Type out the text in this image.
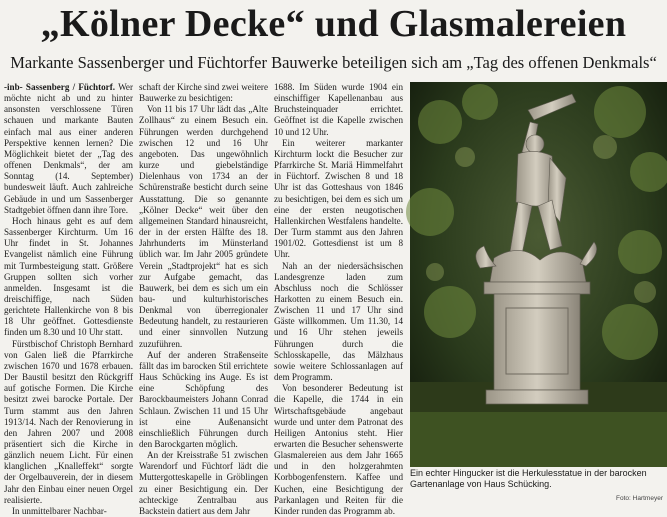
„Kölner Decke“ und Glasmalereien
Markante Sassenberger und Füchtorfer Bauwerke beteiligen sich am „Tag des offenen Denkmals“

-inb- Sassenberg / Füchtorf. Wer möchte nicht ab und zu hinter ansonsten verschlossene Türen schauen und markante Bauten einfach mal aus einer anderen Perspektive kennen lernen? Die Möglichkeit bietet der „Tag des offenen Denkmals“, der am Sonntag (14. September) bundesweit läuft. Auch zahlreiche Gebäude in und um Sassenberger Stadtgebiet öffnen dann ihre Tore.

Hoch hinaus geht es auf dem Sassenberger Kirchturm. Um 16 Uhr findet in St. Johannes Evangelist nämlich eine Führung mit Turmbesteigung statt. Größere Gruppen sollten sich vorher anmelden. Insgesamt ist die dreischiffige, nach Süden gerichtete Hallenkirche von 8 bis 18 Uhr geöffnet. Gottesdienste finden um 8.30 und 10 Uhr statt.

Fürstbischof Christoph Bernhard von Galen ließ die Pfarrkirche zwischen 1670 und 1678 erbauen. Der Baustil besitzt den Rückgriff auf gotische Formen. Die Kirche besitzt zwei barocke Portale. Der Turm stammt aus den Jahren 1913/14. Nach der Renovierung in den Jahren 2007 und 2008 präsentiert sich die Kirche in gänzlich neuem Licht. Für einen klanglichen „Knalleffekt“ sorgte der Orgelbauverein, der in diesem Jahr den Einbau einer neuen Orgel realisierte.

In unmittelbarer Nachbar-

schaft der Kirche sind zwei weitere Bauwerke zu besichtigen:

Von 11 bis 17 Uhr lädt das „Alte Zollhaus“ zu einem Besuch ein. Führungen werden durchgehend zwischen 12 und 16 Uhr angeboten. Das ungewöhnlich kurze und giebelständige Dielenhaus von 1734 an der Schürenstraße besticht durch seine Ausstattung. Die so genannte „Kölner Decke“ weit über den allgemeinen Standard hinausreicht, der in der ersten Hälfte des 18. Jahrhunderts im Münsterland üblich war. Im Jahr 2005 gründete Verein „Stadtprojekt“ hat es sich zur Aufgabe gemacht, das Bauwerk, bei dem es sich um ein bau- und kulturhistorisches Denkmal von überregionaler Bedeutung handelt, zu restaurieren und einer sinnvollen Nutzung zuzuführen.

Auf der anderen Straßenseite fällt das im barocken Stil errichtete Haus Schücking ins Auge. Es ist eine Schöpfung des Barockbaumeisters Johann Conrad Schlaun. Zwischen 11 und 15 Uhr ist eine Außenansicht einschließlich Führungen durch den Barockgarten möglich.

An der Kreisstraße 51 zwischen Warendorf und Füchtorf lädt die Muttergotteskapelle in Gröblingen zu einer Besichtigung ein. Der achteckige Zentralbau aus Backstein datiert aus dem Jahr

1688. Im Süden wurde 1904 ein einschiffiger Kapellenanbau aus Bruchsteinquader errichtet. Geöffnet ist die Kapelle zwischen 10 und 12 Uhr.

Ein weiterer markanter Kirchturm lockt die Besucher zur Pfarrkirche St. Mariä Himmelfahrt in Füchtorf. Zwischen 8 und 18 Uhr ist das Gotteshaus von 1846 zu besichtigen, bei dem es sich um eine der ersten neugotischen Hallenkirchen Westfalens handelte. Der Turm stammt aus den Jahren 1901/02. Gottesdienst ist um 8 Uhr.

Nah an der niedersächsischen Landesgrenze laden zum Abschluss noch die Schlösser Harkotten zu einem Besuch ein. Zwischen 11 und 17 Uhr sind Gäste willkommen. Um 11.30, 14 und 16 Uhr stehen jeweils Führungen durch die Schlosskapelle, das Mälzhaus sowie weitere Schlossanlagen auf dem Programm.

Von besonderer Bedeutung ist die Kapelle, die 1744 in ein Wirtschaftsgebäude angebaut wurde und unter dem Patronat des Heiligen Antonius steht. Hier erwarten die Besucher sehenswerte Glasmalereien aus dem Jahr 1665 und in den holzgerahmten Korbbogenfenstern. Kaffee und Kuchen, eine Besichtigung der Parkanlagen und Reiten für die Kinder runden das Programm ab.

Ein echter Hingucker ist die Herkulesstatue in der barocken Gartenanlage von Haus Schücking.
Foto: Hartmeyer
